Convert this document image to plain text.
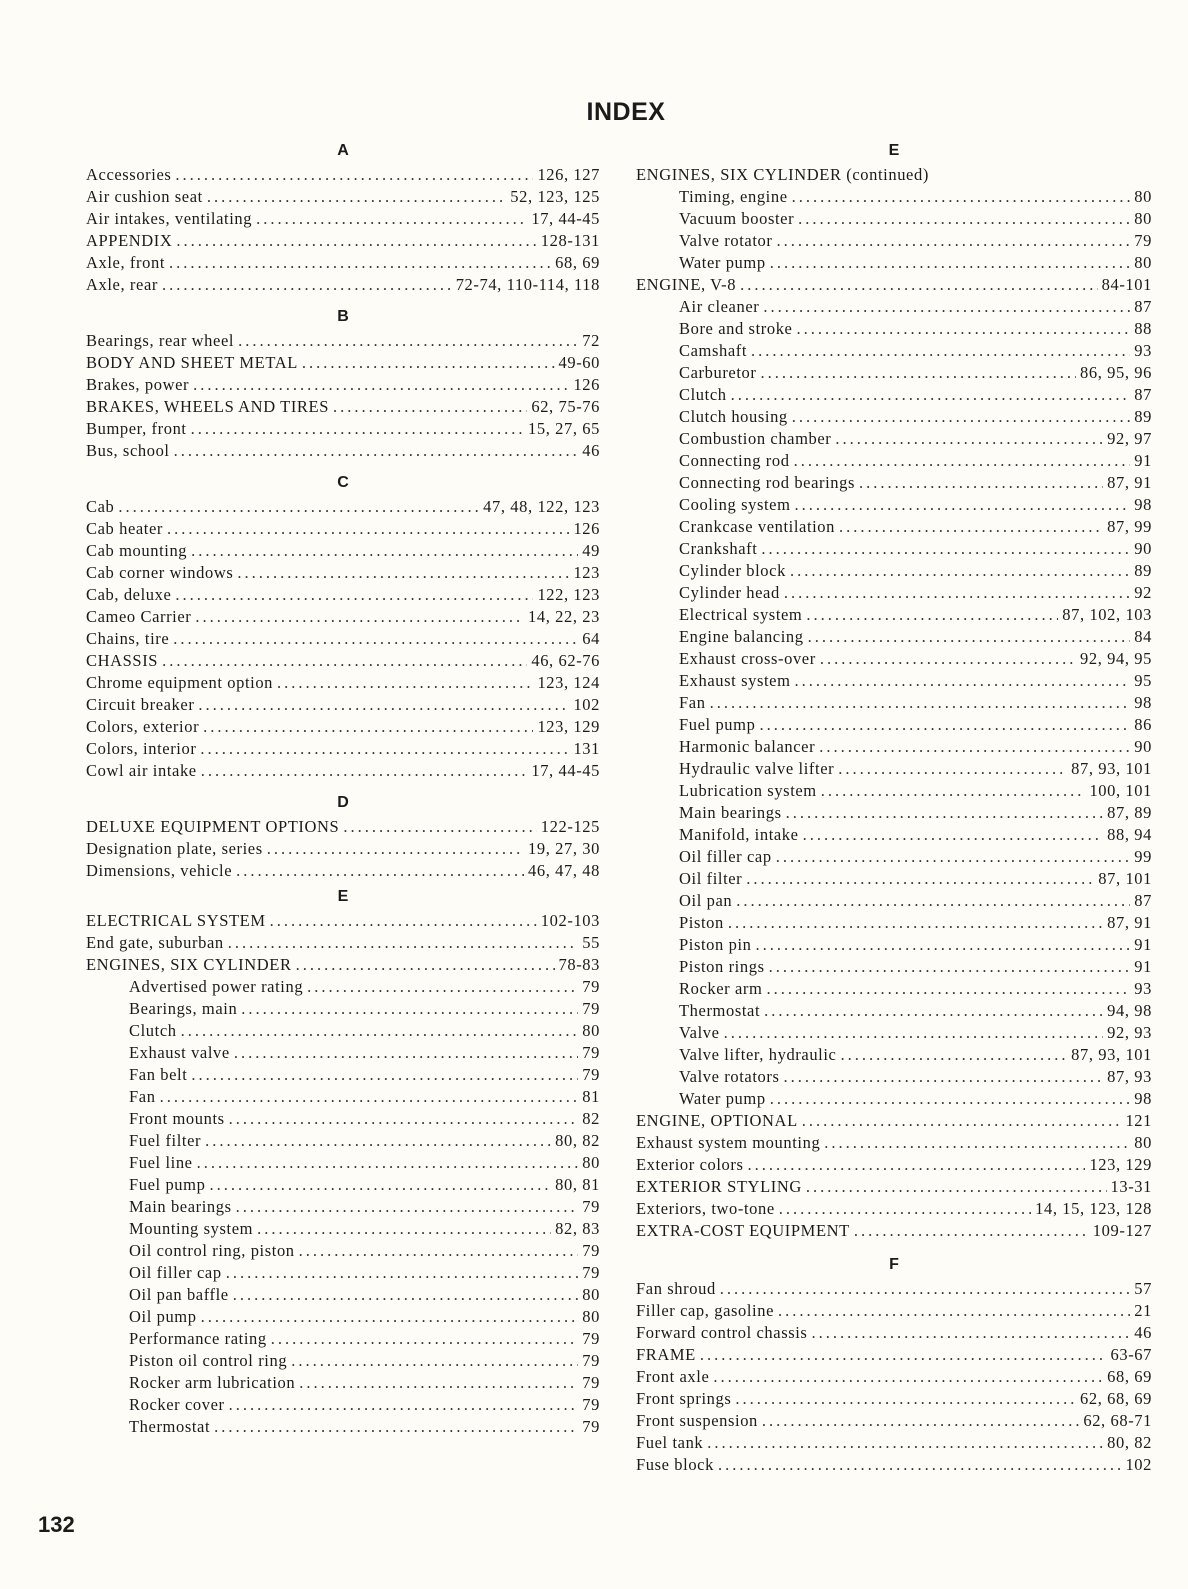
INDEX
A
Accessories .....	126, 127
Air cushion seat .....	52, 123, 125
Air intakes, ventilating .....	17, 44-45
APPENDIX .....	128-131
Axle, front .....	68, 69
Axle, rear .....	72-74, 110-114, 118
B
Bearings, rear wheel .....	72
BODY AND SHEET METAL .....	49-60
Brakes, power .....	126
BRAKES, WHEELS AND TIRES .....	62, 75-76
Bumper, front .....	15, 27, 65
Bus, school .....	46
C
Cab .....	47, 48, 122, 123
Cab heater .....	126
Cab mounting .....	49
Cab corner windows .....	123
Cab, deluxe .....	122, 123
Cameo Carrier .....	14, 22, 23
Chains, tire .....	64
CHASSIS .....	46, 62-76
Chrome equipment option .....	123, 124
Circuit breaker .....	102
Colors, exterior .....	123, 129
Colors, interior .....	131
Cowl air intake .....	17, 44-45
D
DELUXE EQUIPMENT OPTIONS .....	122-125
Designation plate, series .....	19, 27, 30
Dimensions, vehicle .....	46, 47, 48
E
ELECTRICAL SYSTEM .....	102-103
End gate, suburban .....	55
ENGINES, SIX CYLINDER .....	78-83
Advertised power rating .....	79
Bearings, main .....	79
Clutch .....	80
Exhaust valve .....	79
Fan belt .....	79
Fan .....	81
Front mounts .....	82
Fuel filter .....	80, 82
Fuel line .....	80
Fuel pump .....	80, 81
Main bearings .....	79
Mounting system .....	82, 83
Oil control ring, piston .....	79
Oil filler cap .....	79
Oil pan baffle .....	80
Oil pump .....	80
Performance rating .....	79
Piston oil control ring .....	79
Rocker arm lubrication .....	79
Rocker cover .....	79
Thermostat .....	79
E
ENGINES, SIX CYLINDER (continued)
Timing, engine .....	80
Vacuum booster .....	80
Valve rotator .....	79
Water pump .....	80
ENGINE, V-8 .....	84-101
Air cleaner .....	87
Bore and stroke .....	88
Camshaft .....	93
Carburetor .....	86, 95, 96
Clutch .....	87
Clutch housing .....	89
Combustion chamber .....	92, 97
Connecting rod .....	91
Connecting rod bearings .....	87, 91
Cooling system .....	98
Crankcase ventilation .....	87, 99
Crankshaft .....	90
Cylinder block .....	89
Cylinder head .....	92
Electrical system .....	87, 102, 103
Engine balancing .....	84
Exhaust cross-over .....	92, 94, 95
Exhaust system .....	95
Fan .....	98
Fuel pump .....	86
Harmonic balancer .....	90
Hydraulic valve lifter .....	87, 93, 101
Lubrication system .....	100, 101
Main bearings .....	87, 89
Manifold, intake .....	88, 94
Oil filler cap .....	99
Oil filter .....	87, 101
Oil pan .....	87
Piston .....	87, 91
Piston pin .....	91
Piston rings .....	91
Rocker arm .....	93
Thermostat .....	94, 98
Valve .....	92, 93
Valve lifter, hydraulic .....	87, 93, 101
Valve rotators .....	87, 93
Water pump .....	98
ENGINE, OPTIONAL .....	121
Exhaust system mounting .....	80
Exterior colors .....	123, 129
EXTERIOR STYLING .....	13-31
Exteriors, two-tone .....	14, 15, 123, 128
EXTRA-COST EQUIPMENT .....	109-127
F
Fan shroud .....	57
Filler cap, gasoline .....	21
Forward control chassis .....	46
FRAME .....	63-67
Front axle .....	68, 69
Front springs .....	62, 68, 69
Front suspension .....	62, 68-71
Fuel tank .....	80, 82
Fuse block .....	102
132
